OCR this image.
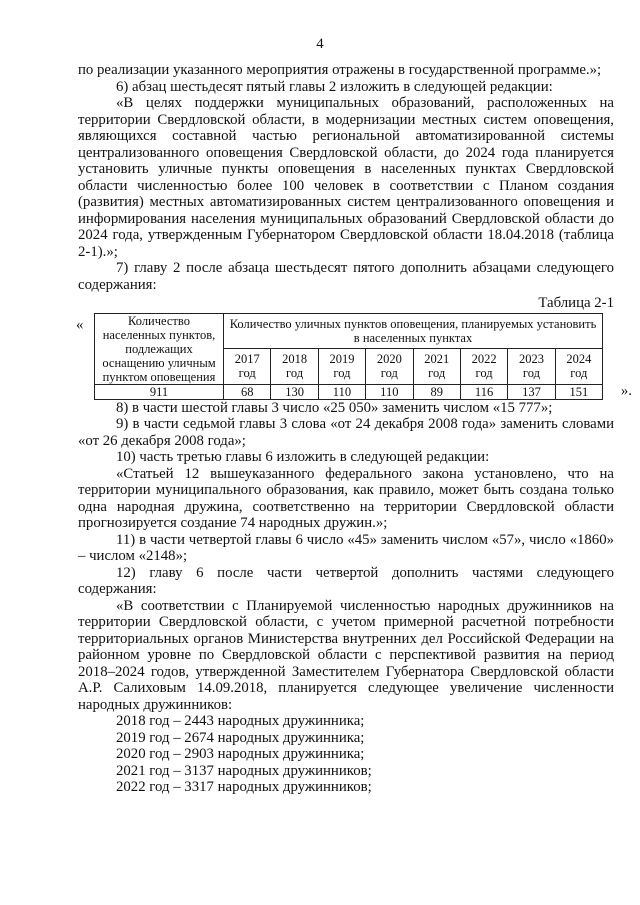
4

по реализации указанного мероприятия отражены в государственной программе.»;

6) абзац шестьдесят пятый главы 2 изложить в следующей редакции:

«В целях поддержки муниципальных образований, расположенных на территории Свердловской области, в модернизации местных систем оповещения, являющихся составной частью региональной автоматизированной системы централизованного оповещения Свердловской области, до 2024 года планируется установить уличные пункты оповещения в населенных пунктах Свердловской области численностью более 100 человек в соответствии с Планом создания (развития) местных автоматизированных систем централизованного оповещения и информирования населения муниципальных образований Свердловской области до 2024 года, утвержденным Губернатором Свердловской области 18.04.2018 (таблица 2-1).»;

7) главу 2 после абзаца шестьдесят пятого дополнить абзацами следующего содержания:

Таблица 2-1

«	Количество населенных пунктов, подлежащих оснащению уличным пунктом оповещения	Количество уличных пунктов оповещения, планируемых установить в населенных пунктах							
	2017 год	2018 год	2019 год	2020 год	2021 год	2022 год	2023 год	2024 год
911	68	130	110	110	89	116	137	151 ».

8) в части шестой главы 3 число «25 050» заменить числом «15 777»;

9) в части седьмой главы 3 слова «от 24 декабря 2008 года» заменить словами «от 26 декабря 2008 года»;

10) часть третью главы 6 изложить в следующей редакции:

«Статьей 12 вышеуказанного федерального закона установлено, что на территории муниципального образования, как правило, может быть создана только одна народная дружина, соответственно на территории Свердловской области прогнозируется создание 74 народных дружин.»;

11) в части четвертой главы 6 число «45» заменить числом «57», число «1860» – числом «2148»;

12) главу 6 после части четвертой дополнить частями следующего содержания:

«В соответствии с Планируемой численностью народных дружинников на территории Свердловской области, с учетом примерной расчетной потребности территориальных органов Министерства внутренних дел Российской Федерации на районном уровне по Свердловской области с перспективой развития на период 2018–2024 годов, утвержденной Заместителем Губернатора Свердловской области А.Р. Салиховым 14.09.2018, планируется следующее увеличение численности народных дружинников:

2018 год – 2443 народных дружинника;

2019 год – 2674 народных дружинника;

2020 год – 2903 народных дружинника;

2021 год – 3137 народных дружинников;

2022 год – 3317 народных дружинников;
